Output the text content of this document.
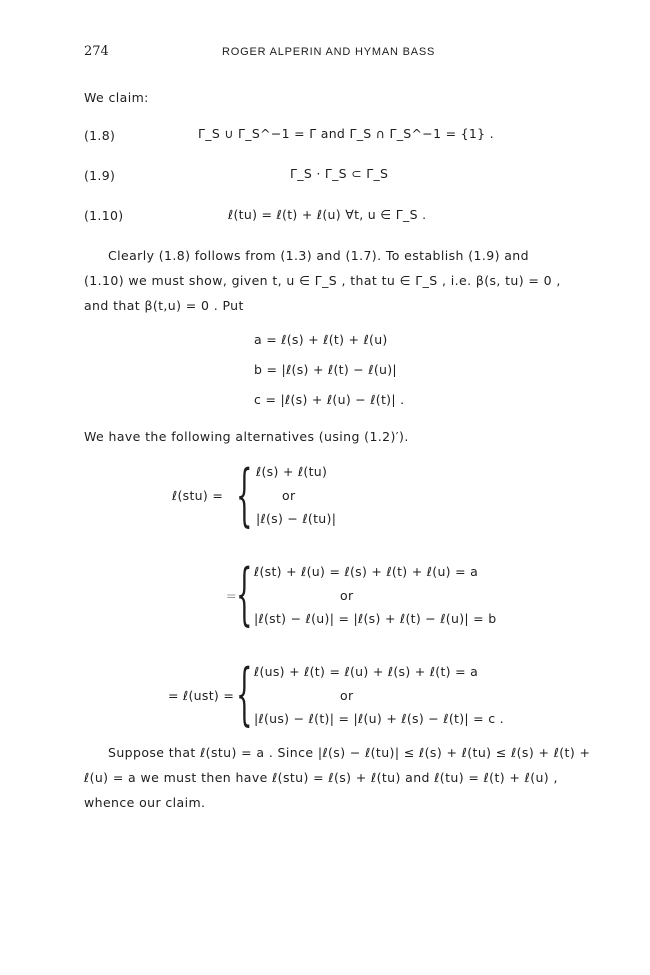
274	ROGER ALPERIN AND HYMAN BASS
We claim:
(1.8)	Γ_S ∪ Γ_S^−1 = Γ and Γ_S ∩ Γ_S^−1 = {1} .
(1.9)	Γ_S · Γ_S ⊂ Γ_S
(1.10)	ℓ(tu) = ℓ(t) + ℓ(u) ∀t, u ∈ Γ_S .
Clearly (1.8) follows from (1.3) and (1.7). To establish (1.9) and
(1.10) we must show, given t, u ∈ Γ_S , that tu ∈ Γ_S , i.e. β(s, tu) = 0 ,
and that β(t,u) = 0 . Put
a = ℓ(s) + ℓ(t) + ℓ(u)
b = |ℓ(s) + ℓ(t) − ℓ(u)|
c = |ℓ(s) + ℓ(u) − ℓ(t)| .
We have the following alternatives (using (1.2)′).
ℓ(stu) = { ℓ(s) + ℓ(tu)
or
|ℓ(s) − ℓ(tu)|
= { ℓ(st) + ℓ(u) = ℓ(s) + ℓ(t) + ℓ(u) = a
or
|ℓ(st) − ℓ(u)| = |ℓ(s) + ℓ(t) − ℓ(u)| = b
= ℓ(ust) = { ℓ(us) + ℓ(t) = ℓ(u) + ℓ(s) + ℓ(t) = a
or
|ℓ(us) − ℓ(t)| = |ℓ(u) + ℓ(s) − ℓ(t)| = c .
Suppose that ℓ(stu) = a . Since |ℓ(s) − ℓ(tu)| ≤ ℓ(s) + ℓ(tu) ≤ ℓ(s) + ℓ(t) +
ℓ(u) = a we must then have ℓ(stu) = ℓ(s) + ℓ(tu) and ℓ(tu) = ℓ(t) + ℓ(u) ,
whence our claim.
